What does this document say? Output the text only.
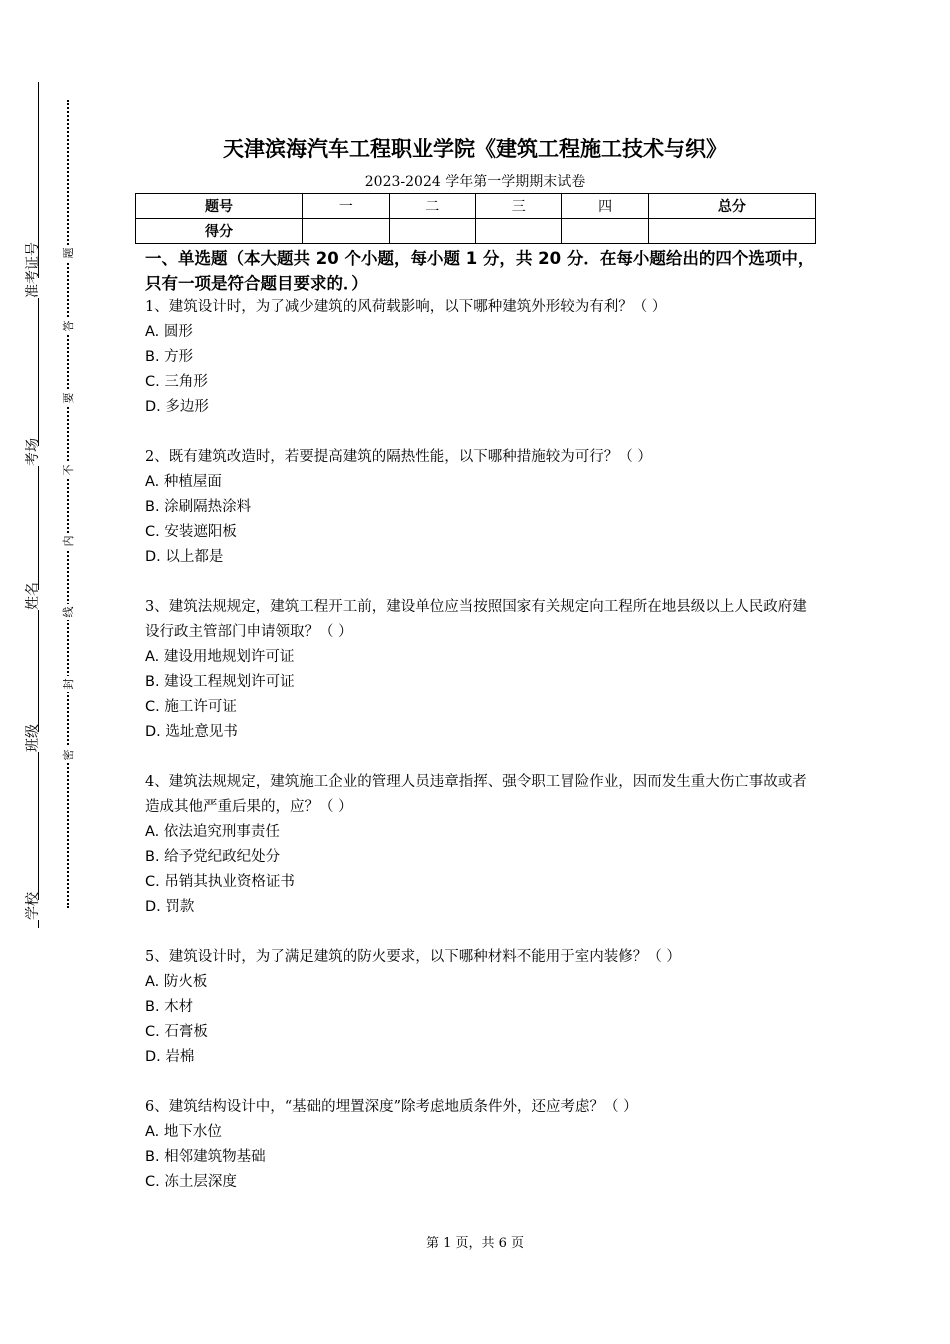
准考证号
考场
姓名
班级
学校
题
答
要
不
内
线
封
密
天津滨海汽车工程职业学院《建筑工程施工技术与织》
2023-2024 学年第一学期期末试卷
题号	一	二	三	四	总分
得分					
一、单选题（本大题共 20 个小题，每小题 1 分，共 20 分．在每小题给出的四个选项中，只有一项是符合题目要求的．）
1、建筑设计时，为了减少建筑的风荷载影响，以下哪种建筑外形较为有利？（ ）
A. 圆形
B. 方形
C. 三角形
D. 多边形
2、既有建筑改造时，若要提高建筑的隔热性能，以下哪种措施较为可行？（ ）
A. 种植屋面
B. 涂刷隔热涂料
C. 安装遮阳板
D. 以上都是
3、建筑法规规定，建筑工程开工前，建设单位应当按照国家有关规定向工程所在地县级以上人民政府建设行政主管部门申请领取？（ ）
A. 建设用地规划许可证
B. 建设工程规划许可证
C. 施工许可证
D. 选址意见书
4、建筑法规规定，建筑施工企业的管理人员违章指挥、强令职工冒险作业，因而发生重大伤亡事故或者造成其他严重后果的，应？（ ）
A. 依法追究刑事责任
B. 给予党纪政纪处分
C. 吊销其执业资格证书
D. 罚款
5、建筑设计时，为了满足建筑的防火要求，以下哪种材料不能用于室内装修？（ ）
A. 防火板
B. 木材
C. 石膏板
D. 岩棉
6、建筑结构设计中，“基础的埋置深度”除考虑地质条件外，还应考虑？（ ）
A. 地下水位
B. 相邻建筑物基础
C. 冻土层深度
第 1 页，共 6 页
